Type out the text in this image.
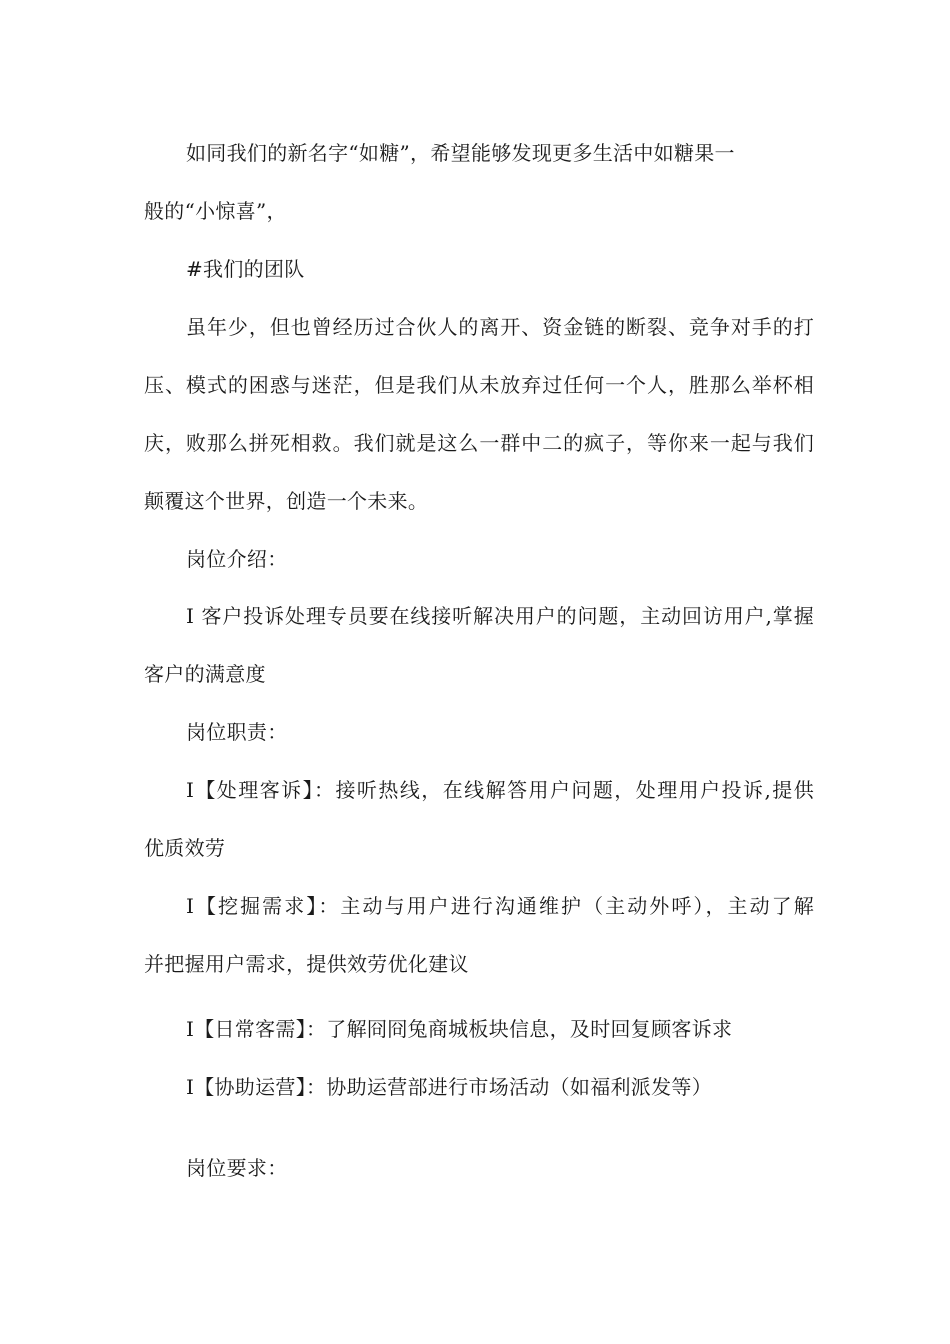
如同我们的新名字“如糖”，希望能够发现更多生活中如糖果一
般的“小惊喜”，
#我们的团队
虽年少，但也曾经历过合伙人的离开、资金链的断裂、竞争对手的打
压、模式的困惑与迷茫，但是我们从未放弃过任何一个人，胜那么举杯相
庆，败那么拼死相救。我们就是这么一群中二的疯子，等你来一起与我们
颠覆这个世界，创造一个未来。
岗位介绍：
I 客户投诉处理专员要在线接听解决用户的问题，主动回访用户,掌握
客户的满意度
岗位职责：
I【处理客诉】：接听热线，在线解答用户问题，处理用户投诉,提供
优质效劳
I【挖掘需求】：主动与用户进行沟通维护（主动外呼），主动了解
并把握用户需求，提供效劳优化建议
I【日常客需】：了解冏冏兔商城板块信息，及时回复顾客诉求
I【协助运营】：协助运营部进行市场活动（如福利派发等）
岗位要求：
